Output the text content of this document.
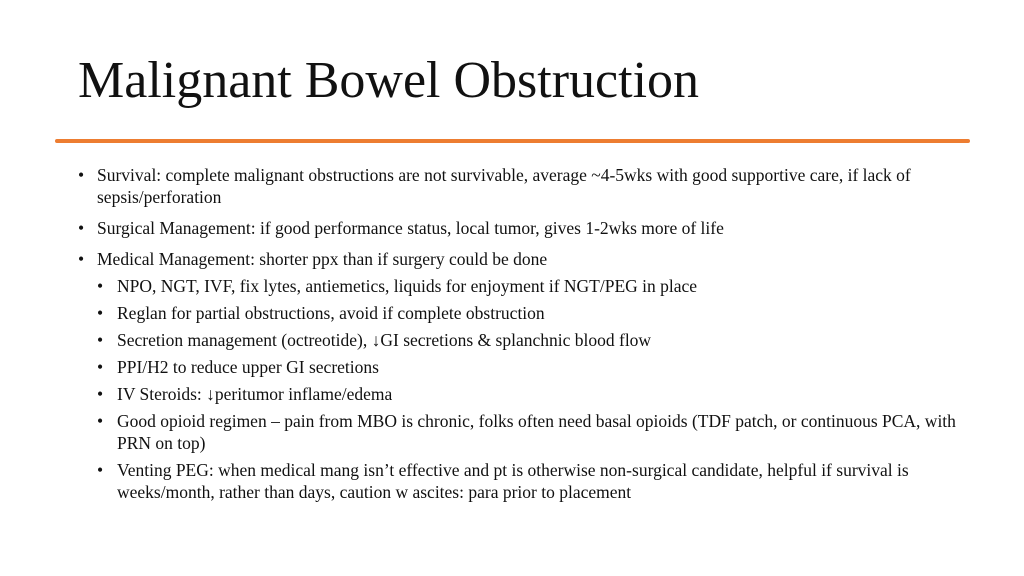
Malignant Bowel Obstruction
• Survival: complete malignant obstructions are not survivable, average ~4-5wks with good supportive care, if lack of sepsis/perforation
• Surgical Management: if good performance status, local tumor, gives 1-2wks more of life
• Medical Management: shorter ppx than if surgery could be done
• NPO, NGT, IVF, fix lytes, antiemetics, liquids for enjoyment if NGT/PEG in place
• Reglan for partial obstructions, avoid if complete obstruction
• Secretion management (octreotide), ↓GI secretions & splanchnic blood flow
• PPI/H2 to reduce upper GI secretions
• IV Steroids: ↓peritumor inflame/edema
• Good opioid regimen – pain from MBO is chronic, folks often need basal opioids (TDF patch, or continuous PCA, with PRN on top)
• Venting PEG: when medical mang isn’t effective and pt is otherwise non-surgical candidate, helpful if survival is weeks/month, rather than days, caution w ascites: para prior to placement
